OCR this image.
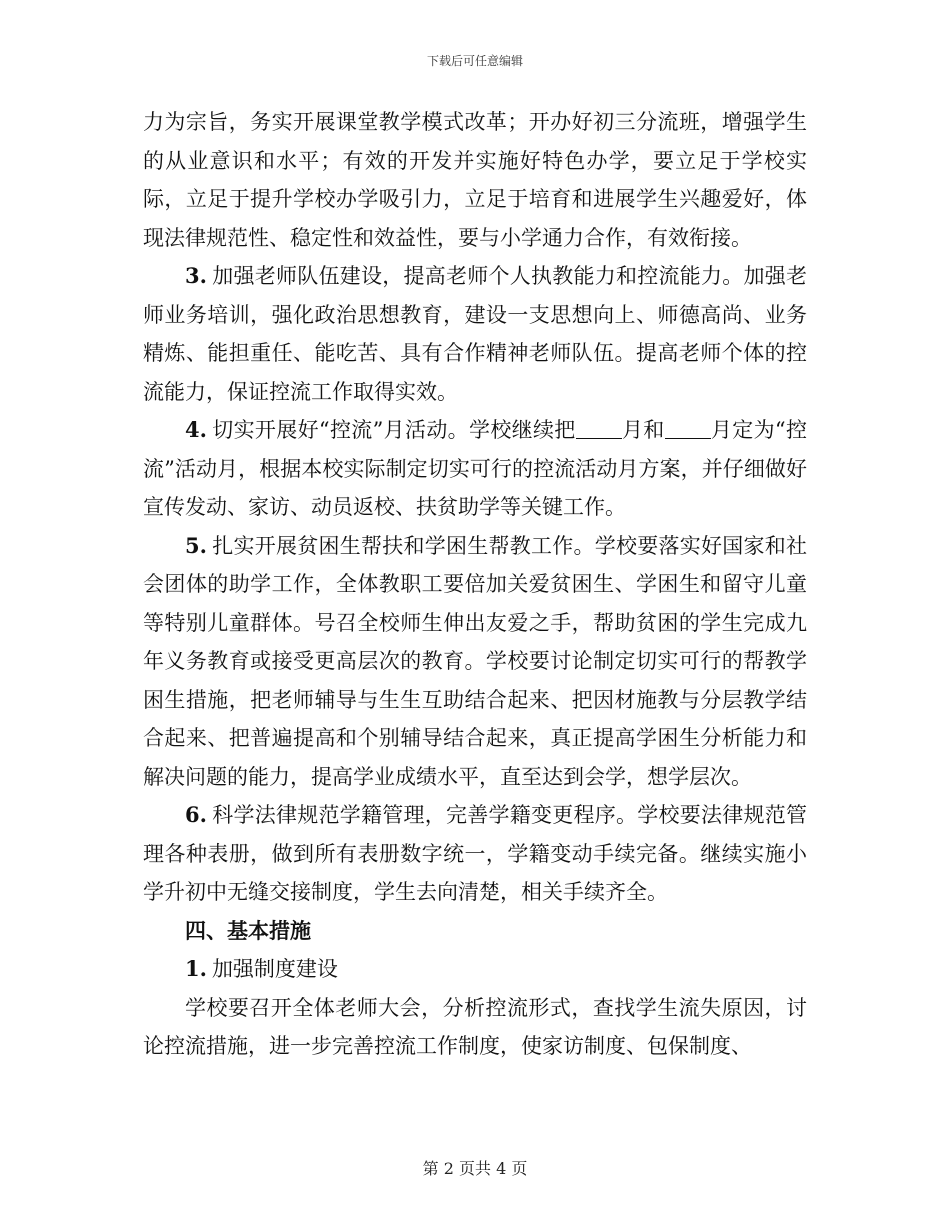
下载后可任意编辑

力为宗旨，务实开展课堂教学模式改革；开办好初三分流班，增强学生的从业意识和水平；有效的开发并实施好特色办学，要立足于学校实际，立足于提升学校办学吸引力，立足于培育和进展学生兴趣爱好，体现法律规范性、稳定性和效益性，要与小学通力合作，有效衔接。

3. 加强老师队伍建设，提高老师个人执教能力和控流能力。加强老师业务培训，强化政治思想教育，建设一支思想向上、师德高尚、业务精炼、能担重任、能吃苦、具有合作精神老师队伍。提高老师个体的控流能力，保证控流工作取得实效。

4. 切实开展好“控流”月活动。学校继续把 月和 月定为“控流”活动月，根据本校实际制定切实可行的控流活动月方案，并仔细做好宣传发动、家访、动员返校、扶贫助学等关键工作。

5. 扎实开展贫困生帮扶和学困生帮教工作。学校要落实好国家和社会团体的助学工作，全体教职工要倍加关爱贫困生、学困生和留守儿童等特别儿童群体。号召全校师生伸出友爱之手，帮助贫困的学生完成九年义务教育或接受更高层次的教育。学校要讨论制定切实可行的帮教学困生措施，把老师辅导与生生互助结合起来、把因材施教与分层教学结合起来、把普遍提高和个别辅导结合起来，真正提高学困生分析能力和解决问题的能力，提高学业成绩水平，直至达到会学，想学层次。

6. 科学法律规范学籍管理，完善学籍变更程序。学校要法律规范管理各种表册，做到所有表册数字统一，学籍变动手续完备。继续实施小学升初中无缝交接制度，学生去向清楚，相关手续齐全。

四、基本措施

1. 加强制度建设

学校要召开全体老师大会，分析控流形式，查找学生流失原因，讨论控流措施，进一步完善控流工作制度，使家访制度、包保制度、

第 2 页共 4 页
